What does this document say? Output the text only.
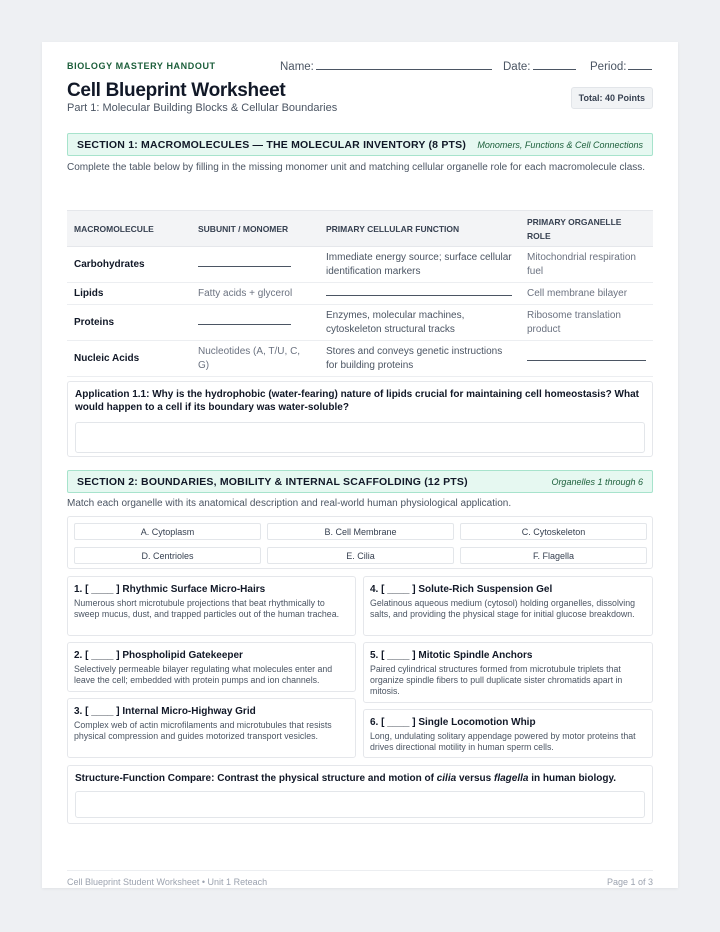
BIOLOGY MASTERY HANDOUT	Name:	Date:	Period:
Cell Blueprint Worksheet
Part 1: Molecular Building Blocks & Cellular Boundaries
Total: 40 Points
SECTION 1: MACROMOLECULES — THE MOLECULAR INVENTORY (8 PTS) Monomers, Functions & Cell Connections
Complete the table below by filling in the missing monomer unit and matching cellular organelle role for each macromolecule class.
MACROMOLECULE	SUBUNIT / MONOMER	PRIMARY CELLULAR FUNCTION	PRIMARY ORGANELLE ROLE
Carbohydrates		Immediate energy source; surface cellular identification markers	Mitochondrial respiration fuel
Lipids	Fatty acids + glycerol		Cell membrane bilayer
Proteins		Enzymes, molecular machines, cytoskeleton structural tracks	Ribosome translation product
Nucleic Acids	Nucleotides (A, T/U, C, G)	Stores and conveys genetic instructions for building proteins	
Application 1.1: Why is the hydrophobic (water-fearing) nature of lipids crucial for maintaining cell homeostasis? What would happen to a cell if its boundary was water-soluble?
SECTION 2: BOUNDARIES, MOBILITY & INTERNAL SCAFFOLDING (12 PTS)	Organelles 1 through 6
Match each organelle with its anatomical description and real-world human physiological application.
A. Cytoplasm	B. Cell Membrane	C. Cytoskeleton
D. Centrioles	E. Cilia	F. Flagella
1. [ ____ ] Rhythmic Surface Micro-Hairs
Numerous short microtubule projections that beat rhythmically to sweep mucus, dust, and trapped particles out of the human trachea.
2. [ ____ ] Phospholipid Gatekeeper
Selectively permeable bilayer regulating what molecules enter and leave the cell; embedded with protein pumps and ion channels.
3. [ ____ ] Internal Micro-Highway Grid
Complex web of actin microfilaments and microtubules that resists physical compression and guides motorized transport vesicles.
4. [ ____ ] Solute-Rich Suspension Gel
Gelatinous aqueous medium (cytosol) holding organelles, dissolving salts, and providing the physical stage for initial glucose breakdown.
5. [ ____ ] Mitotic Spindle Anchors
Paired cylindrical structures formed from microtubule triplets that organize spindle fibers to pull duplicate sister chromatids apart in mitosis.
6. [ ____ ] Single Locomotion Whip
Long, undulating solitary appendage powered by motor proteins that drives directional motility in human sperm cells.
Structure-Function Compare: Contrast the physical structure and motion of cilia versus flagella in human biology.
Cell Blueprint Student Worksheet • Unit 1 Reteach	Page 1 of 3
